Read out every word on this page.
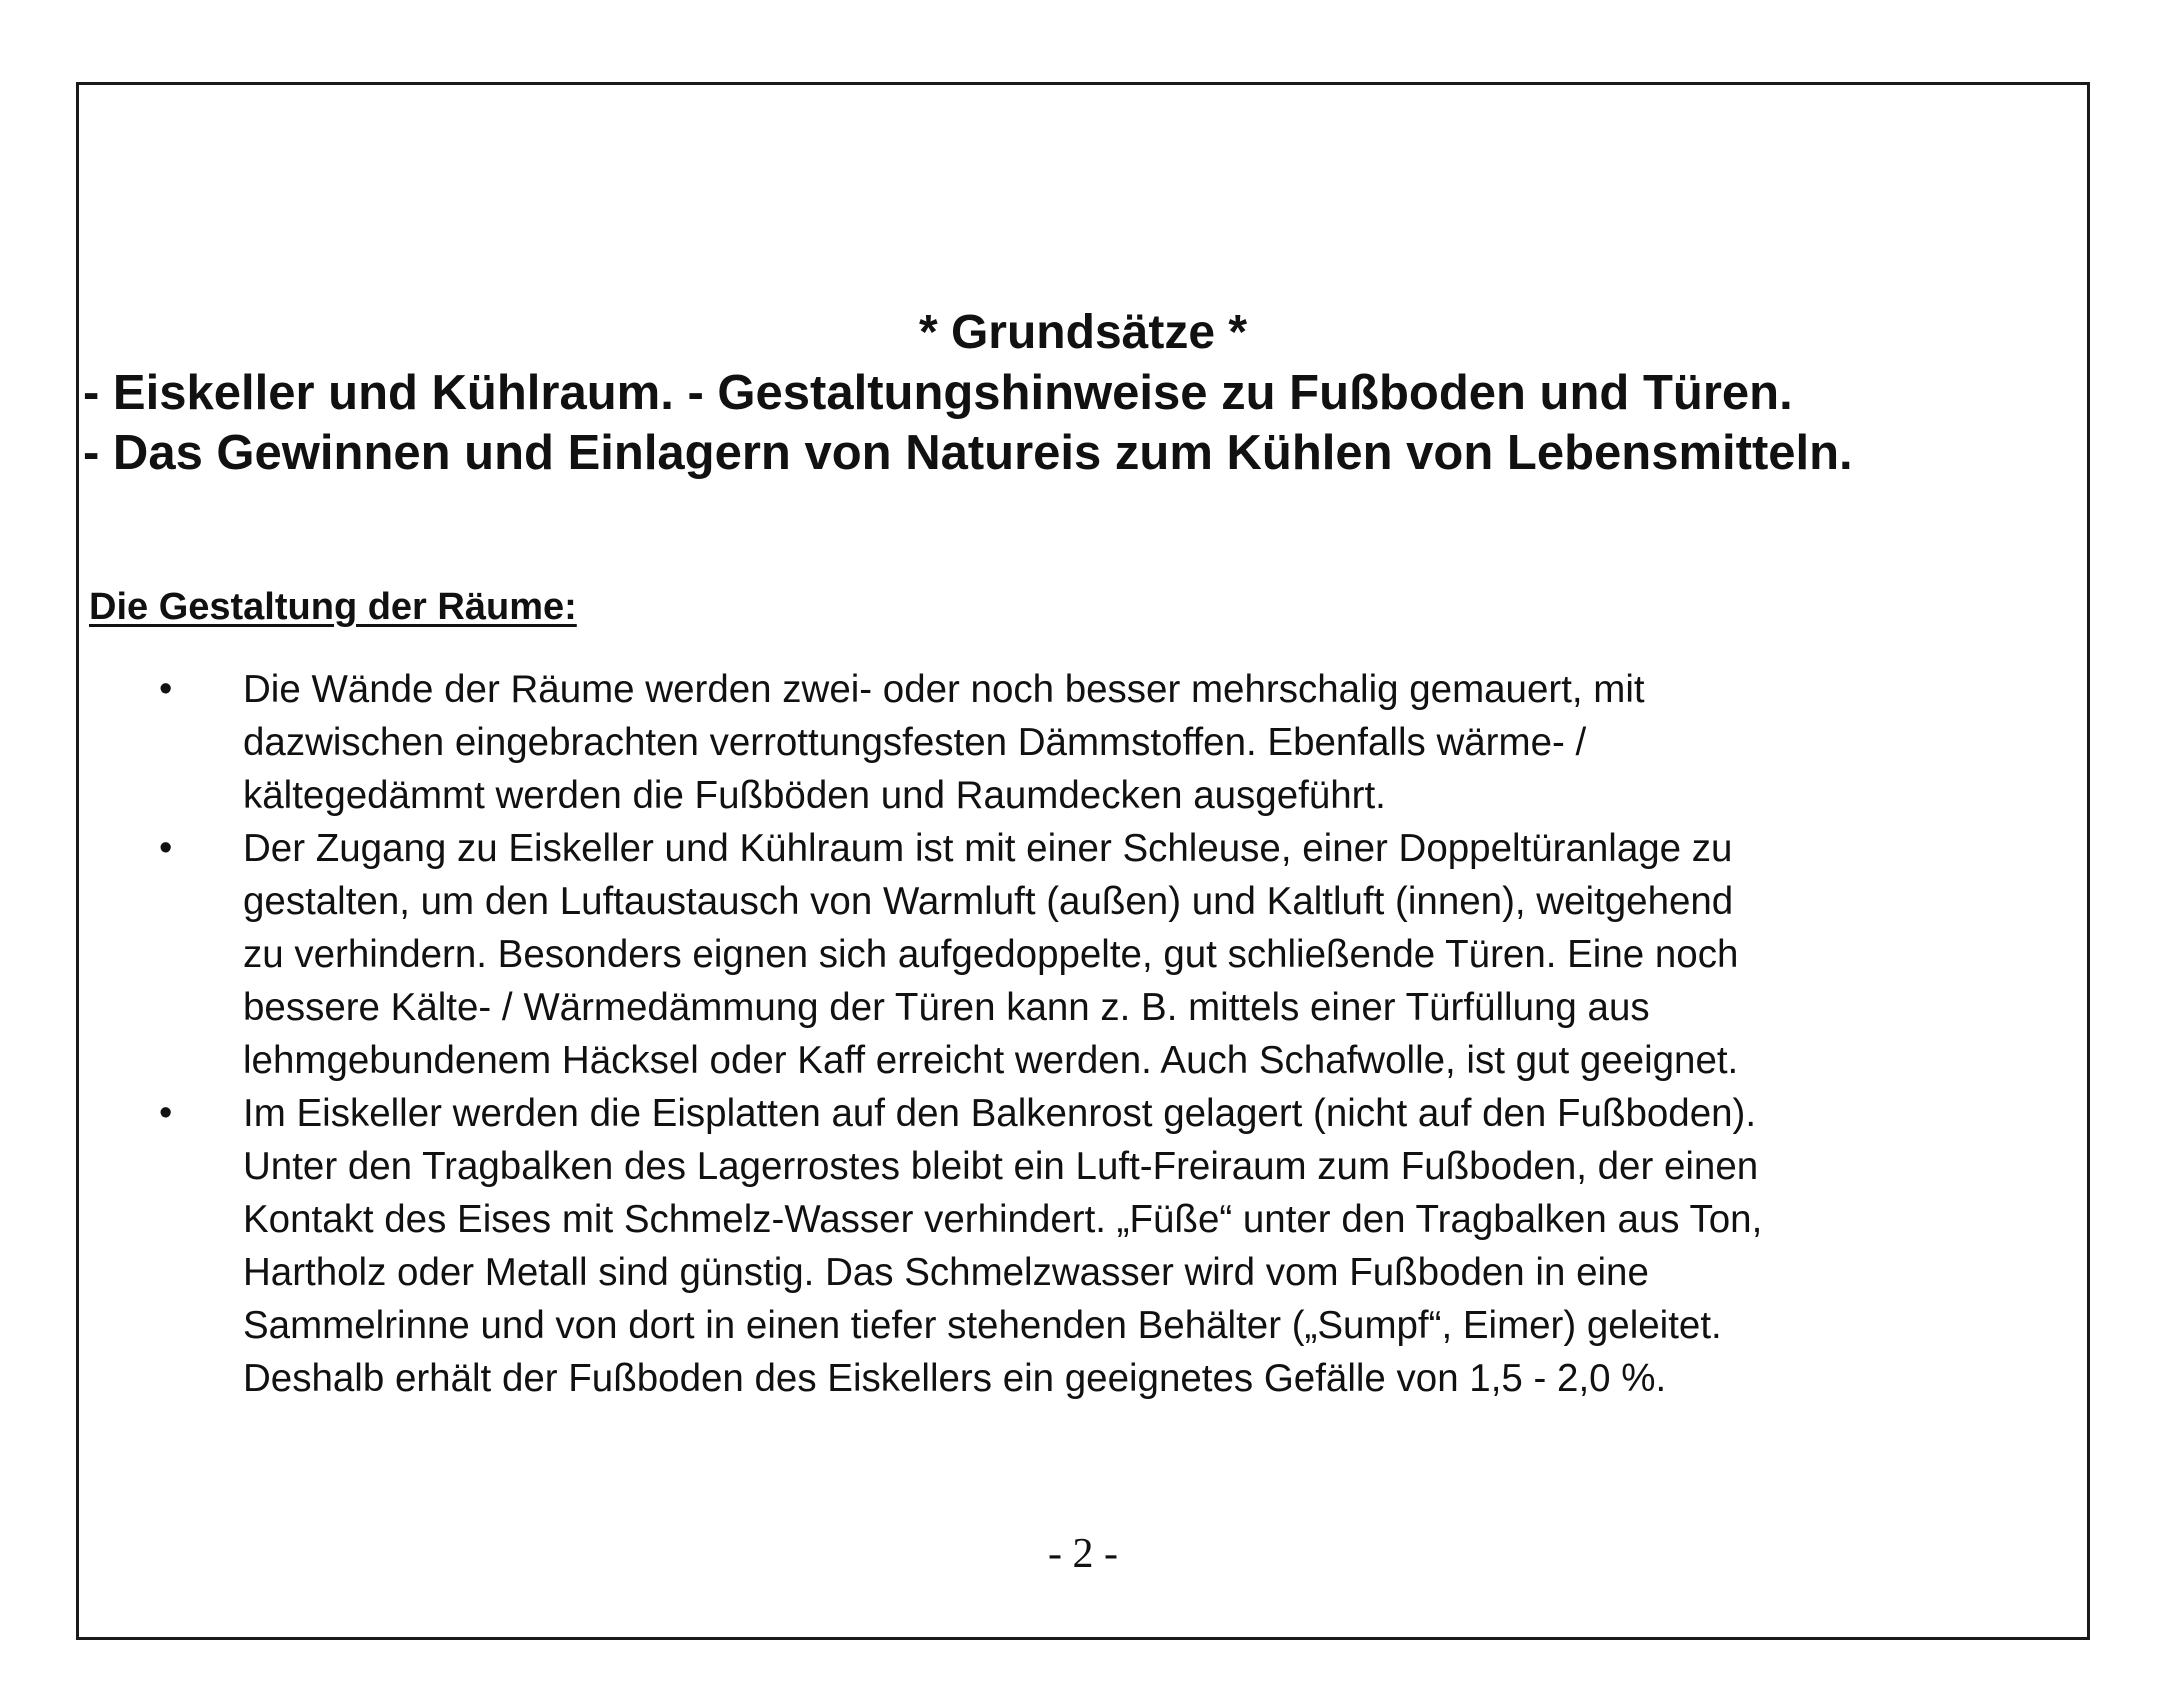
* Grundsätze *

- Eiskeller und Kühlraum. - Gestaltungshinweise zu Fußboden und Türen.

- Das Gewinnen und Einlagern von Natureis zum Kühlen von Lebensmitteln.

Die Gestaltung der Räume:
• Die Wände der Räume werden zwei- oder noch besser mehrschalig gemauert, mit
dazwischen eingebrachten verrottungsfesten Dämmstoffen. Ebenfalls wärme- /
kältegedämmt werden die Fußböden und Raumdecken ausgeführt.
• Der Zugang zu Eiskeller und Kühlraum ist mit einer Schleuse, einer Doppeltüranlage zu
gestalten, um den Luftaustausch von Warmluft (außen) und Kaltluft (innen), weitgehend
zu verhindern. Besonders eignen sich aufgedoppelte, gut schließende Türen. Eine noch
bessere Kälte- / Wärmedämmung der Türen kann z. B. mittels einer Türfüllung aus
lehmgebundenem Häcksel oder Kaff erreicht werden. Auch Schafwolle, ist gut geeignet.
• Im Eiskeller werden die Eisplatten auf den Balkenrost gelagert (nicht auf den Fußboden).
Unter den Tragbalken des Lagerrostes bleibt ein Luft-Freiraum zum Fußboden, der einen
Kontakt des Eises mit Schmelz-Wasser verhindert. „Füße“ unter den Tragbalken aus Ton,
Hartholz oder Metall sind günstig. Das Schmelzwasser wird vom Fußboden in eine
Sammelrinne und von dort in einen tiefer stehenden Behälter („Sumpf“, Eimer) geleitet.
Deshalb erhält der Fußboden des Eiskellers ein geeignetes Gefälle von 1,5 - 2,0 %.

- 2 -
